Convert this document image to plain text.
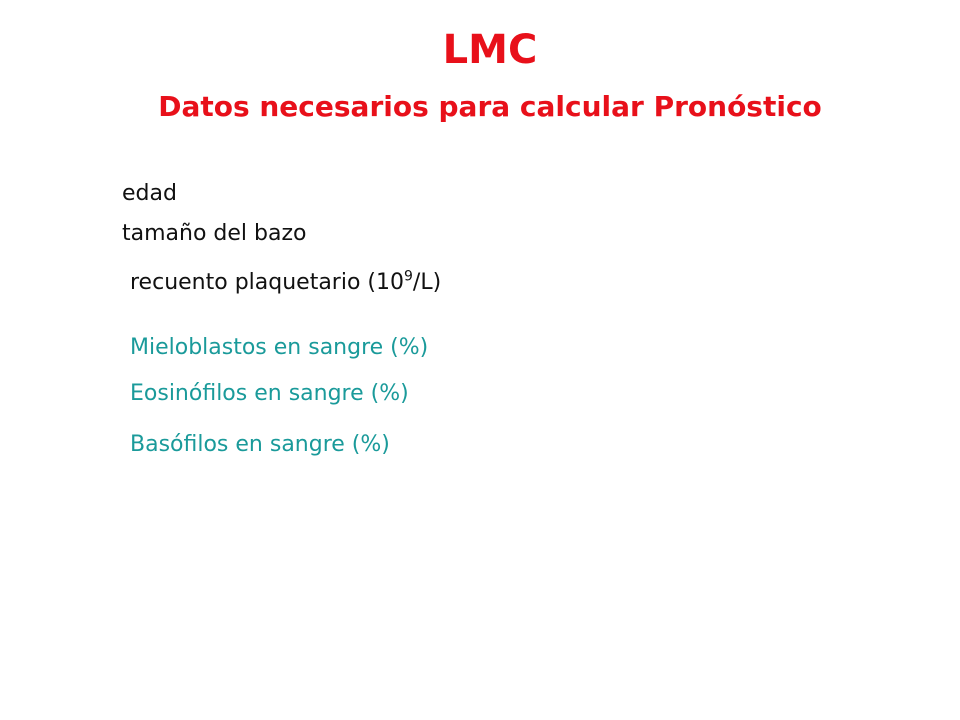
LMC
Datos necesarios para calcular Pronóstico
edad
tamaño del bazo
recuento plaquetario $(10^9/L)$
Mieloblastos en sangre (%)
Eosinófilos en sangre (%)
Basófilos en sangre (%)
